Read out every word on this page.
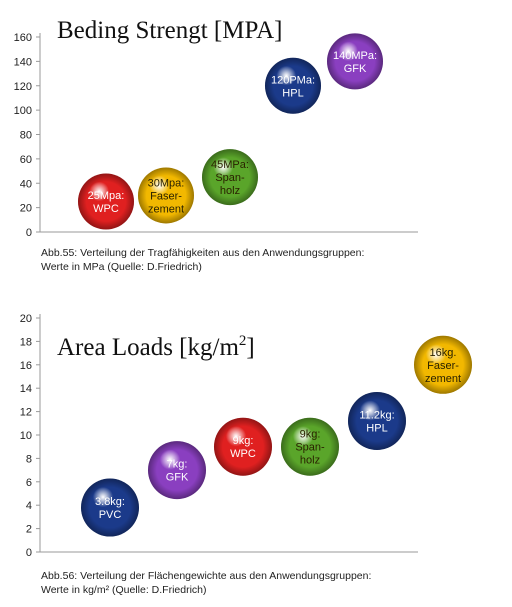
Beding Strengt [MPA]
0
20
40
60
80
100
120
140
160
25Mpa: WPC
30Mpa: Faser-zement
45MPa: Span-holz
120PMa: HPL
140MPa: GFK
Area Loads $[kg/m^2]$
0
2
4
6
8
10
12
14
16
18
20
3.8kg: PVC
7kg: GFK
9kg: WPC
9kg: Span-holz
11.2kg: HPL
16kg. Faser-zement
Abb.55: Verteilung der Tragfähigkeiten aus den Anwendungsgruppen:
Werte in MPa (Quelle: D.Friedrich)
Abb.56: Verteilung der Flächengewichte aus den Anwendungsgruppen:
Werte in kg/m² (Quelle: D.Friedrich)
